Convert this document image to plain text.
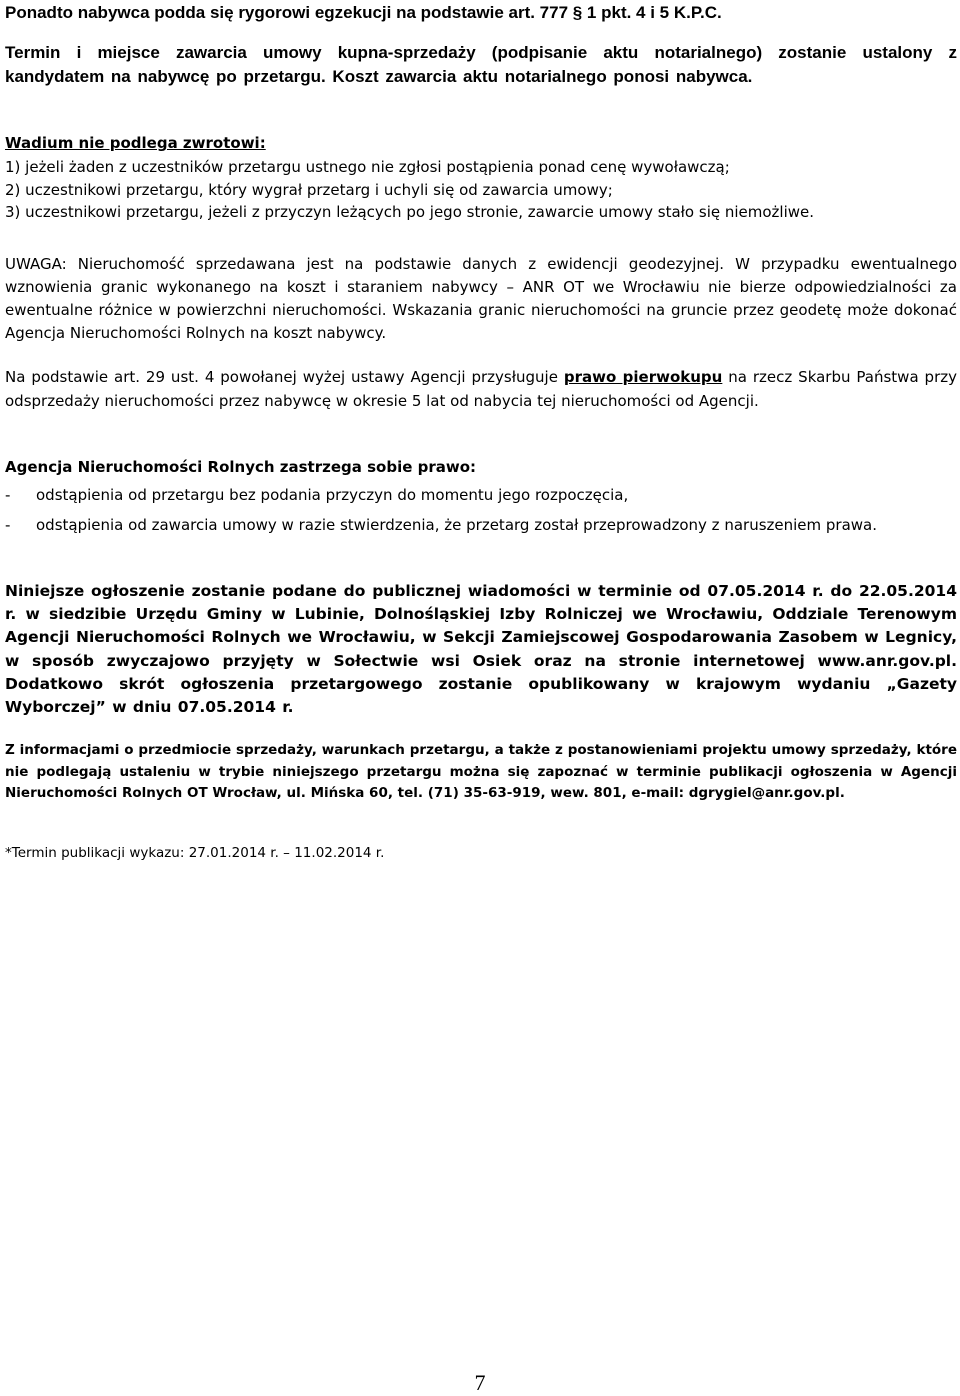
Ponadto nabywca podda się rygorowi egzekucji na podstawie art. 777 § 1 pkt. 4 i 5 K.P.C.

Termin i miejsce zawarcia umowy kupna-sprzedaży (podpisanie aktu notarialnego) zostanie ustalony z kandydatem na nabywcę po przetargu. Koszt zawarcia aktu notarialnego ponosi nabywca.

Wadium nie podlega zwrotowi:

1) jeżeli żaden z uczestników przetargu ustnego nie zgłosi postąpienia ponad cenę wywoławczą;

2) uczestnikowi przetargu, który wygrał przetarg i uchyli się od zawarcia umowy;

3) uczestnikowi przetargu, jeżeli z przyczyn leżących po jego stronie, zawarcie umowy stało się niemożliwe.

UWAGA: Nieruchomość sprzedawana jest na podstawie danych z ewidencji geodezyjnej. W przypadku ewentualnego wznowienia granic wykonanego na koszt i staraniem nabywcy – ANR OT we Wrocławiu nie bierze odpowiedzialności za ewentualne różnice w powierzchni nieruchomości. Wskazania granic nieruchomości na gruncie przez geodetę może dokonać Agencja Nieruchomości Rolnych na koszt nabywcy.

Na podstawie art. 29 ust. 4 powołanej wyżej ustawy Agencji przysługuje prawo pierwokupu na rzecz Skarbu Państwa przy odsprzedaży nieruchomości przez nabywcę w okresie 5 lat od nabycia tej nieruchomości od Agencji.

Agencja Nieruchomości Rolnych zastrzega sobie prawo:

- odstąpienia od przetargu bez podania przyczyn do momentu jego rozpoczęcia,

- odstąpienia od zawarcia umowy w razie stwierdzenia, że przetarg został przeprowadzony z naruszeniem prawa.

Niniejsze ogłoszenie zostanie podane do publicznej wiadomości w terminie od 07.05.2014 r. do 22.05.2014 r. w siedzibie Urzędu Gminy w Lubinie, Dolnośląskiej Izby Rolniczej we Wrocławiu, Oddziale Terenowym Agencji Nieruchomości Rolnych we Wrocławiu, w Sekcji Zamiejscowej Gospodarowania Zasobem w Legnicy, w sposób zwyczajowo przyjęty w Sołectwie wsi Osiek oraz na stronie internetowej www.anr.gov.pl. Dodatkowo skrót ogłoszenia przetargowego zostanie opublikowany w krajowym wydaniu „Gazety Wyborczej” w dniu 07.05.2014 r.

Z informacjami o przedmiocie sprzedaży, warunkach przetargu, a także z postanowieniami projektu umowy sprzedaży, które nie podlegają ustaleniu w trybie niniejszego przetargu można się zapoznać w terminie publikacji ogłoszenia w Agencji Nieruchomości Rolnych OT Wrocław, ul. Mińska 60, tel. (71) 35-63-919, wew. 801, e-mail: dgrygiel@anr.gov.pl.

*Termin publikacji wykazu: 27.01.2014 r. – 11.02.2014 r.

7
